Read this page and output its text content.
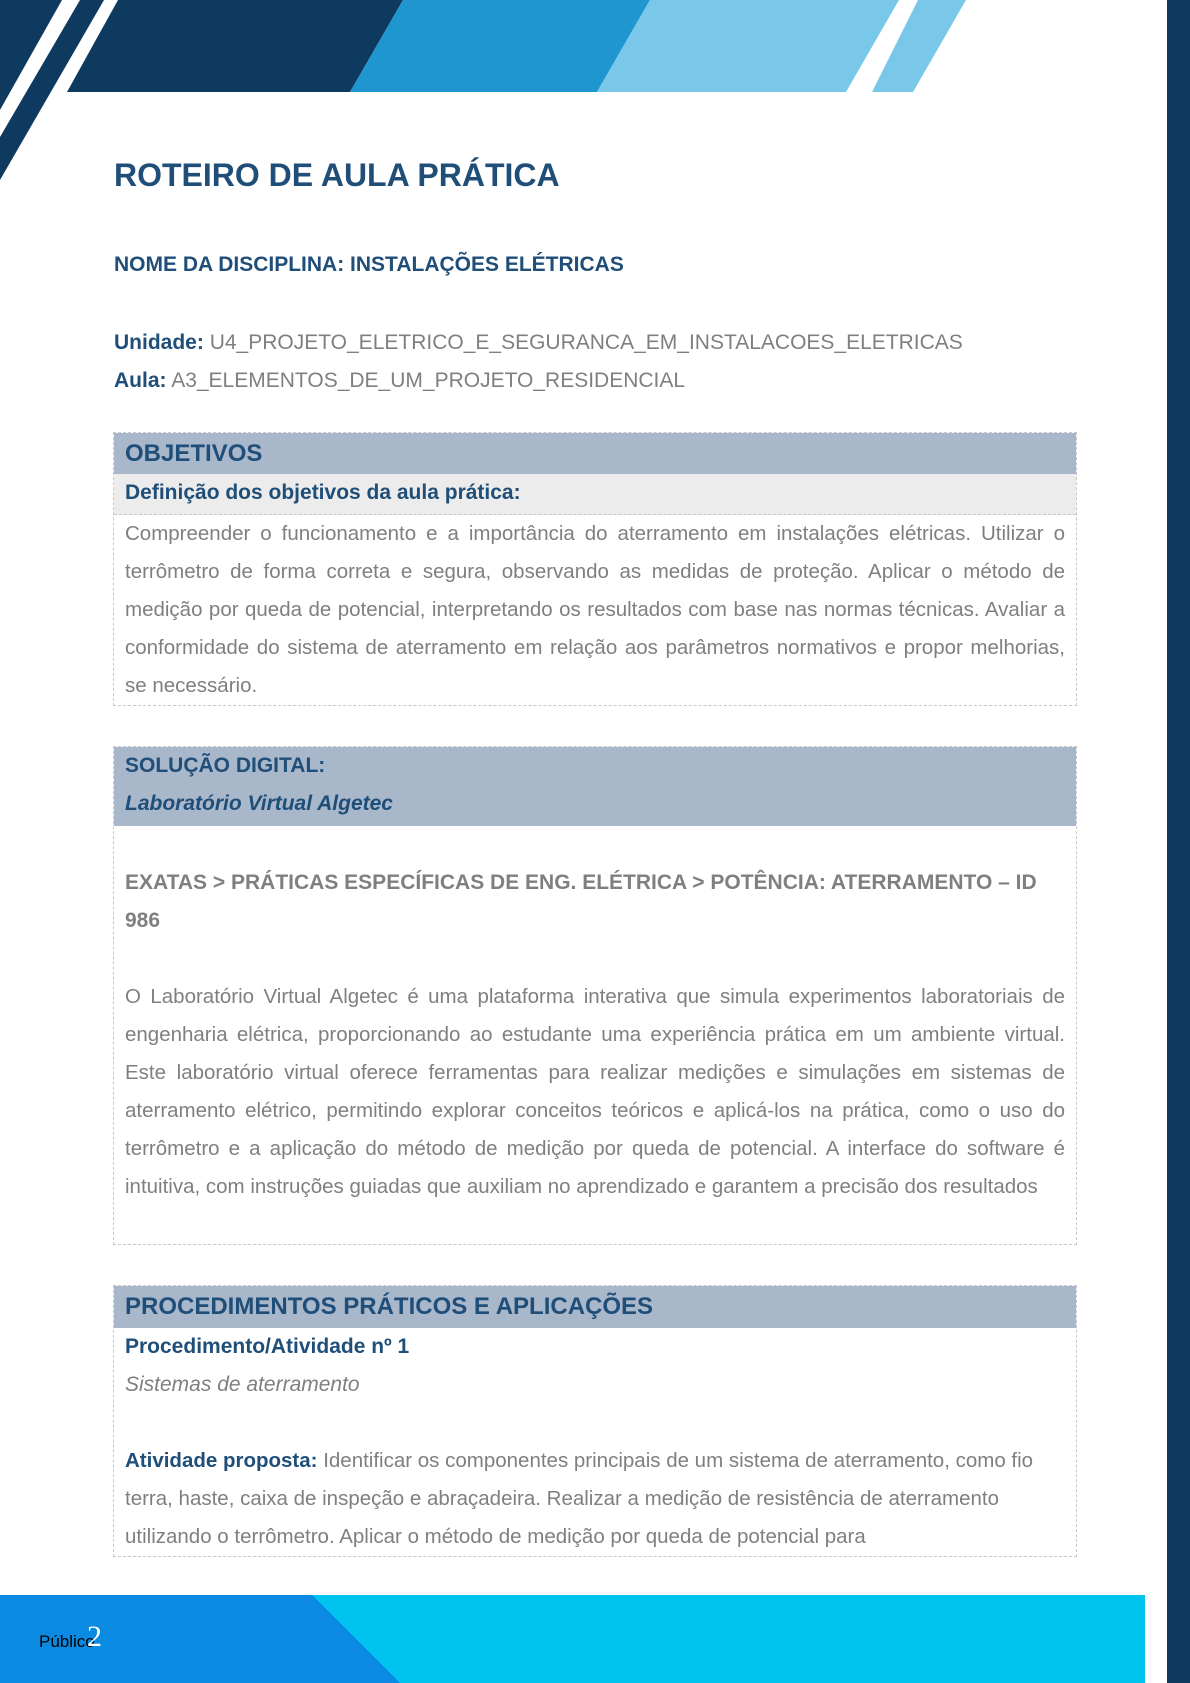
ROTEIRO DE AULA PRÁTICA
NOME DA DISCIPLINA: INSTALAÇÕES ELÉTRICAS
Unidade: U4_PROJETO_ELETRICO_E_SEGURANCA_EM_INSTALACOES_ELETRICAS
Aula: A3_ELEMENTOS_DE_UM_PROJETO_RESIDENCIAL
OBJETIVOS
Definição dos objetivos da aula prática:

Compreender o funcionamento e a importância do aterramento em instalações elétricas. Utilizar o terrômetro de forma correta e segura, observando as medidas de proteção. Aplicar o método de medição por queda de potencial, interpretando os resultados com base nas normas técnicas. Avaliar a conformidade do sistema de aterramento em relação aos parâmetros normativos e propor melhorias, se necessário.

SOLUÇÃO DIGITAL:
Laboratório Virtual Algetec

EXATAS > PRÁTICAS ESPECÍFICAS DE ENG. ELÉTRICA > POTÊNCIA: ATERRAMENTO – ID 986

O Laboratório Virtual Algetec é uma plataforma interativa que simula experimentos laboratoriais de engenharia elétrica, proporcionando ao estudante uma experiência prática em um ambiente virtual. Este laboratório virtual oferece ferramentas para realizar medições e simulações em sistemas de aterramento elétrico, permitindo explorar conceitos teóricos e aplicá-los na prática, como o uso do terrômetro e a aplicação do método de medição por queda de potencial. A interface do software é intuitiva, com instruções guiadas que auxiliam no aprendizado e garantem a precisão dos resultados

PROCEDIMENTOS PRÁTICOS E APLICAÇÕES
Procedimento/Atividade nº 1
Sistemas de aterramento

Atividade proposta: Identificar os componentes principais de um sistema de aterramento, como fio terra, haste, caixa de inspeção e abraçadeira. Realizar a medição de resistência de aterramento utilizando o terrômetro. Aplicar o método de medição por queda de potencial para

Público
2
